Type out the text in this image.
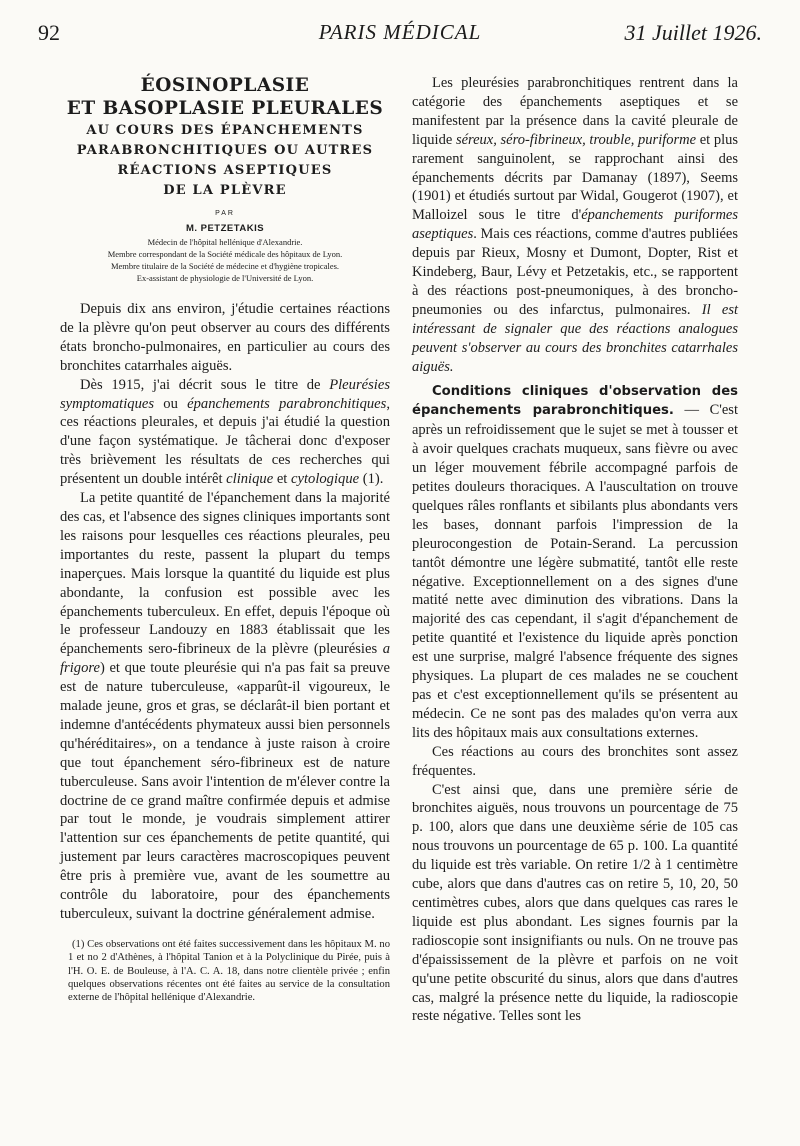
92	PARIS MÉDICAL	31 Juillet 1926.
ÉOSINOPLASIE
ET BASOPLASIE PLEURALES
AU COURS DES ÉPANCHEMENTS
PARABRONCHITIQUES OU AUTRES
RÉACTIONS ASEPTIQUES
DE LA PLÈVRE
PAR
M. PETZETAKIS
Médecin de l'hôpital hellénique d'Alexandrie.
Membre correspondant de la Société médicale des hôpitaux de Lyon.
Membre titulaire de la Société de médecine et d'hygiène tropicales.
Ex-assistant de physiologie de l'Université de Lyon.

Depuis dix ans environ, j'étudie certaines réactions de la plèvre qu'on peut observer au cours des différents états broncho-pulmonaires, en particulier au cours des bronchites catarrhales aiguës.

Dès 1915, j'ai décrit sous le titre de Pleurésies symptomatiques ou épanchements parabronchitiques, ces réactions pleurales, et depuis j'ai étudié la question d'une façon systématique. Je tâcherai donc d'exposer très brièvement les résultats de ces recherches qui présentent un double intérêt clinique et cytologique (1).

La petite quantité de l'épanchement dans la majorité des cas, et l'absence des signes cliniques importants sont les raisons pour lesquelles ces réactions pleurales, peu importantes du reste, passent la plupart du temps inaperçues. Mais lorsque la quantité du liquide est plus abondante, la confusion est possible avec les épanchements tuberculeux. En effet, depuis l'époque où le professeur Landouzy en 1883 établissait que les épanchements sero-fibrineux de la plèvre (pleurésies a frigore) et que toute pleurésie qui n'a pas fait sa preuve est de nature tuberculeuse, «apparût-il vigoureux, le malade jeune, gros et gras, se déclarât-il bien portant et indemne d'antécédents phymateux aussi bien personnels qu'héréditaires», on a tendance à juste raison à croire que tout épanchement séro-fibrineux est de nature tuberculeuse. Sans avoir l'intention de m'élever contre la doctrine de ce grand maître confirmée depuis et admise par tout le monde, je voudrais simplement attirer l'attention sur ces épanchements de petite quantité, qui justement par leurs caractères macroscopiques peuvent être pris à première vue, avant de les soumettre au contrôle du laboratoire, pour des épanchements tuberculeux, suivant la doctrine généralement admise.

(1) Ces observations ont été faites successivement dans les hôpitaux M. no 1 et no 2 d'Athènes, à l'hôpital Tanion et à la Polyclinique du Pirée, puis à l'H. O. E. de Bouleuse, à l'A. C. A. 18, dans notre clientèle privée ; enfin quelques observations récentes ont été faites au service de la consultation externe de l'hôpital hellénique d'Alexandrie.

Les pleurésies parabronchitiques rentrent dans la catégorie des épanchements aseptiques et se manifestent par la présence dans la cavité pleurale de liquide séreux, séro-fibrineux, trouble, puriforme et plus rarement sanguinolent, se rapprochant ainsi des épanchements décrits par Damanay (1897), Seems (1901) et étudiés surtout par Widal, Gougerot (1907), et Malloizel sous le titre d'épanchements puriformes aseptiques. Mais ces réactions, comme d'autres publiées depuis par Rieux, Mosny et Dumont, Dopter, Rist et Kindeberg, Baur, Lévy et Petzetakis, etc., se rapportent à des réactions post-pneumoniques, à des broncho-pneumonies ou des infarctus, pulmonaires. Il est intéressant de signaler que des réactions analogues peuvent s'observer au cours des bronchites catarrhales aiguës.

Conditions cliniques d'observation des épanchements parabronchitiques. — C'est après un refroidissement que le sujet se met à tousser et à avoir quelques crachats muqueux, sans fièvre ou avec un léger mouvement fébrile accompagné parfois de petites douleurs thoraciques. A l'auscultation on trouve quelques râles ronflants et sibilants plus abondants vers les bases, donnant parfois l'impression de la pleurocongestion de Potain-Serand. La percussion tantôt démontre une légère submatité, tantôt elle reste négative. Exceptionnellement on a des signes d'une matité nette avec diminution des vibrations. Dans la majorité des cas cependant, il s'agit d'épanchement de petite quantité et l'existence du liquide après ponction est une surprise, malgré l'absence fréquente des signes physiques. La plupart de ces malades ne se couchent pas et c'est exceptionnellement qu'ils se présentent au médecin. Ce ne sont pas des malades qu'on verra aux lits des hôpitaux mais aux consultations externes.

Ces réactions au cours des bronchites sont assez fréquentes.

C'est ainsi que, dans une première série de bronchites aiguës, nous trouvons un pourcentage de 75 p. 100, alors que dans une deuxième série de 105 cas nous trouvons un pourcentage de 65 p. 100. La quantité du liquide est très variable. On retire 1/2 à 1 centimètre cube, alors que dans d'autres cas on retire 5, 10, 20, 50 centimètres cubes, alors que dans quelques cas rares le liquide est plus abondant. Les signes fournis par la radioscopie sont insignifiants ou nuls. On ne trouve pas d'épaississement de la plèvre et parfois on ne voit qu'une petite obscurité du sinus, alors que dans d'autres cas, malgré la présence nette du liquide, la radioscopie reste négative. Telles sont les
